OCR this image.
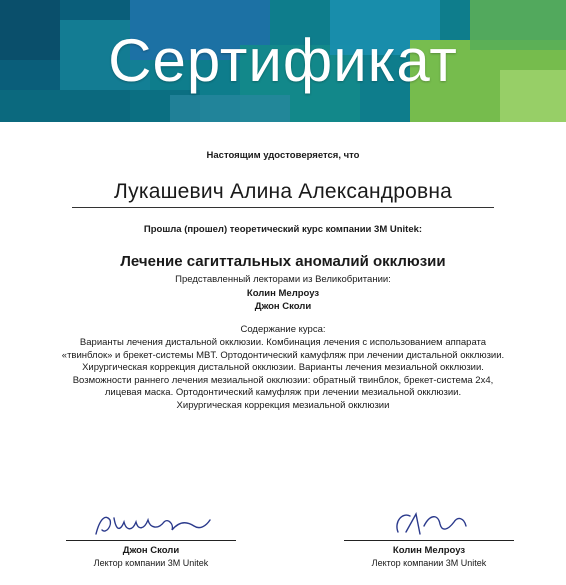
Сертификат
Настоящим удостоверяется, что
Лукашевич Алина Александровна
Прошла (прошел) теоретический курс компании 3M Unitek:
Лечение сагиттальных аномалий окклюзии
Представленный лекторами из Великобритании:
Колин Мелроуз
Джон Сколи
Содержание курса:
Варианты лечения дистальной окклюзии. Комбинация лечения с использованием аппарата
«твинблок» и брекет-системы MBT. Ортодонтический камуфляж при лечении дистальной окклюзии.
Хирургическая коррекция дистальной окклюзии. Варианты лечения мезиальной окклюзии.
Возможности раннего лечения мезиальной окклюзии: обратный твинблок, брекет-система 2x4,
лицевая маска. Ортодонтический камуфляж при лечении мезиальной окклюзии.
Хирургическая коррекция мезиальной окклюзии
Джон Сколи
Лектор компании 3M Unitek
Колин Мелроуз
Лектор компании 3M Unitek
